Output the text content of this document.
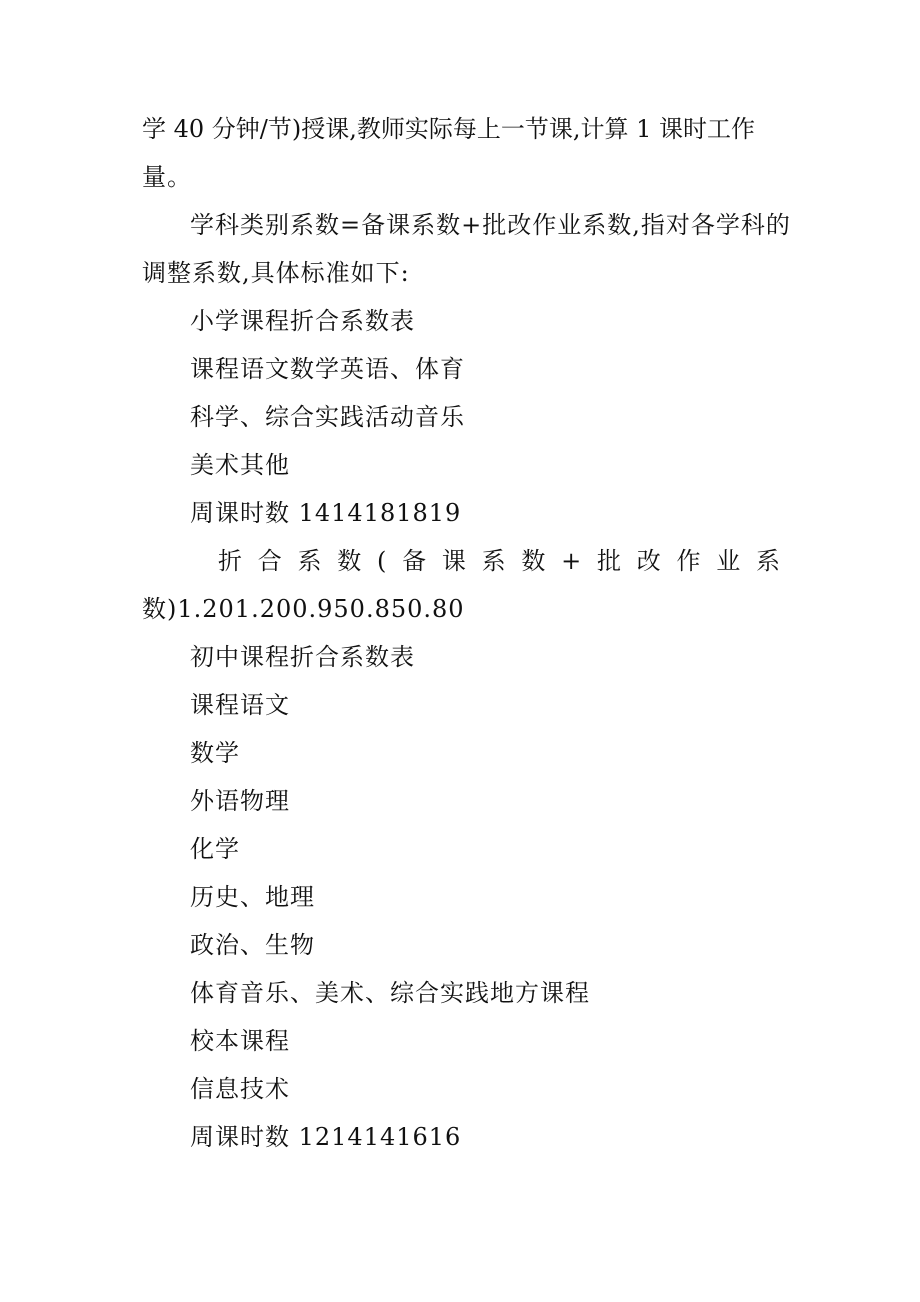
学 40 分钟/节)授课,教师实际每上一节课,计算 1 课时工作
量。
学科类别系数=备课系数+批改作业系数,指对各学科的
调整系数,具体标准如下:
小学课程折合系数表
课程语文数学英语、体育
科学、综合实践活动音乐
美术其他
周课时数 1414181819
折 合 系 数 ( 备 课 系 数 + 批 改 作 业 系
数)1.201.200.950.850.80
初中课程折合系数表
课程语文
数学
外语物理
化学
历史、地理
政治、生物
体育音乐、美术、综合实践地方课程
校本课程
信息技术
周课时数 1214141616
